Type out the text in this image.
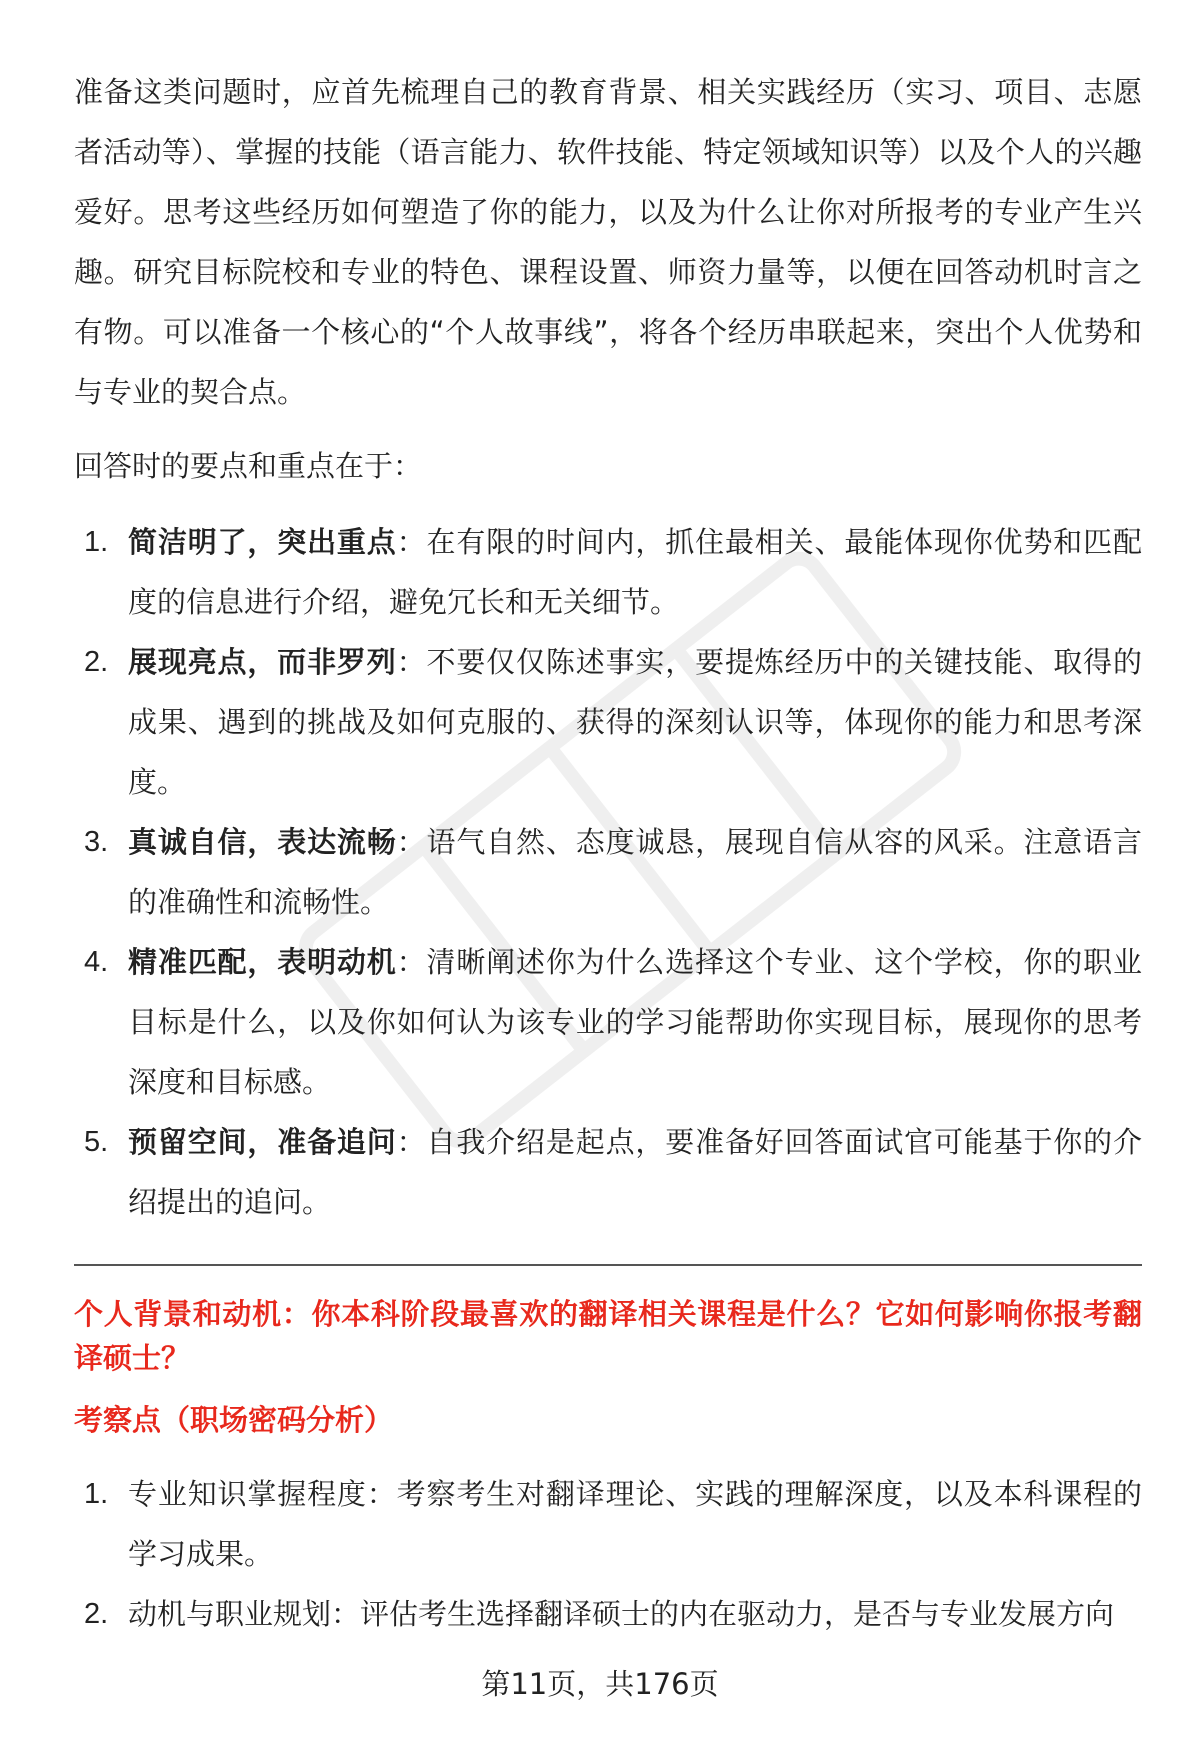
准备这类问题时，应首先梳理自己的教育背景、相关实践经历（实习、项目、志愿者活动等）、掌握的技能（语言能力、软件技能、特定领域知识等）以及个人的兴趣爱好。思考这些经历如何塑造了你的能力，以及为什么让你对所报考的专业产生兴趣。研究目标院校和专业的特色、课程设置、师资力量等，以便在回答动机时言之有物。可以准备一个核心的“个人故事线”，将各个经历串联起来，突出个人优势和与专业的契合点。

回答时的要点和重点在于：

1. 简洁明了，突出重点：在有限的时间内，抓住最相关、最能体现你优势和匹配度的信息进行介绍，避免冗长和无关细节。
2. 展现亮点，而非罗列：不要仅仅陈述事实，要提炼经历中的关键技能、取得的成果、遇到的挑战及如何克服的、获得的深刻认识等，体现你的能力和思考深度。
3. 真诚自信，表达流畅：语气自然、态度诚恳，展现自信从容的风采。注意语言的准确性和流畅性。
4. 精准匹配，表明动机：清晰阐述你为什么选择这个专业、这个学校，你的职业目标是什么，以及你如何认为该专业的学习能帮助你实现目标，展现你的思考深度和目标感。
5. 预留空间，准备追问：自我介绍是起点，要准备好回答面试官可能基于你的介绍提出的追问。

个人背景和动机：你本科阶段最喜欢的翻译相关课程是什么？它如何影响你报考翻译硕士？

考察点（职场密码分析）

1. 专业知识掌握程度：考察考生对翻译理论、实践的理解深度，以及本科课程的学习成果。
2. 动机与职业规划：评估考生选择翻译硕士的内在驱动力，是否与专业发展方向
第11页，共176页
